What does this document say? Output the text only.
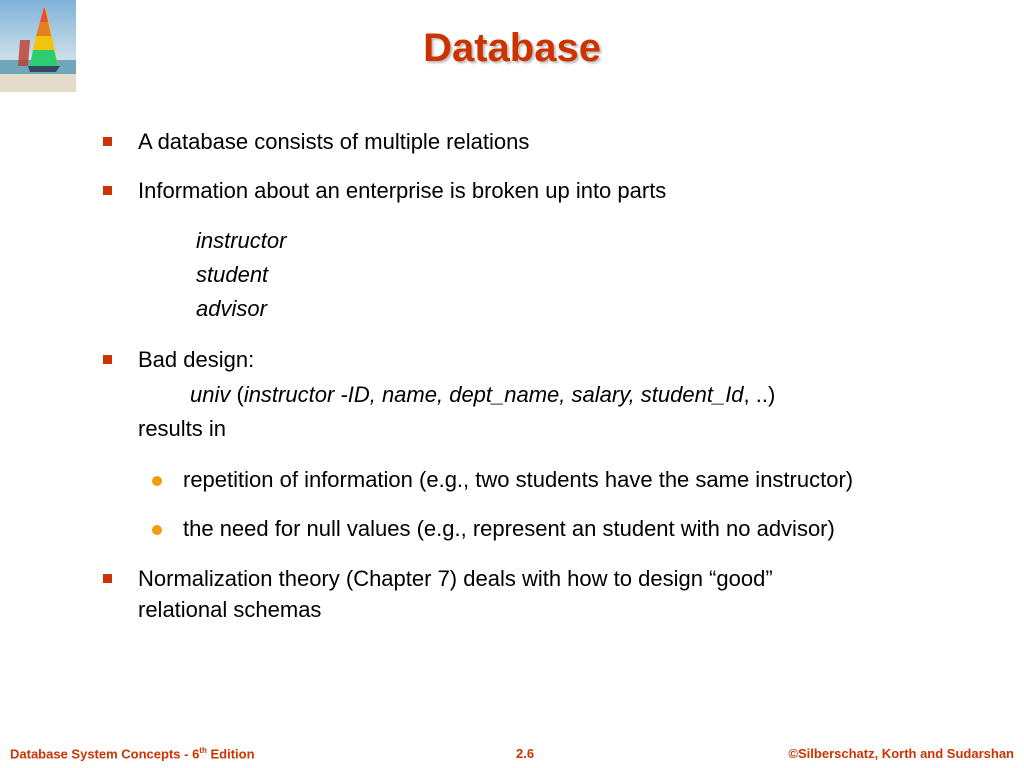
Database
A database consists of multiple relations
Information about an enterprise is broken up into parts
instructor
student
advisor
Bad design:
univ (instructor -ID, name, dept_name, salary, student_Id, ..)
results in
repetition of information (e.g., two students have the same instructor)
the need for null values (e.g., represent an student with no advisor)
Normalization theory (Chapter 7) deals with how to design “good”
relational schemas
Database System Concepts - 6th Edition	2.6	©Silberschatz, Korth and Sudarshan
